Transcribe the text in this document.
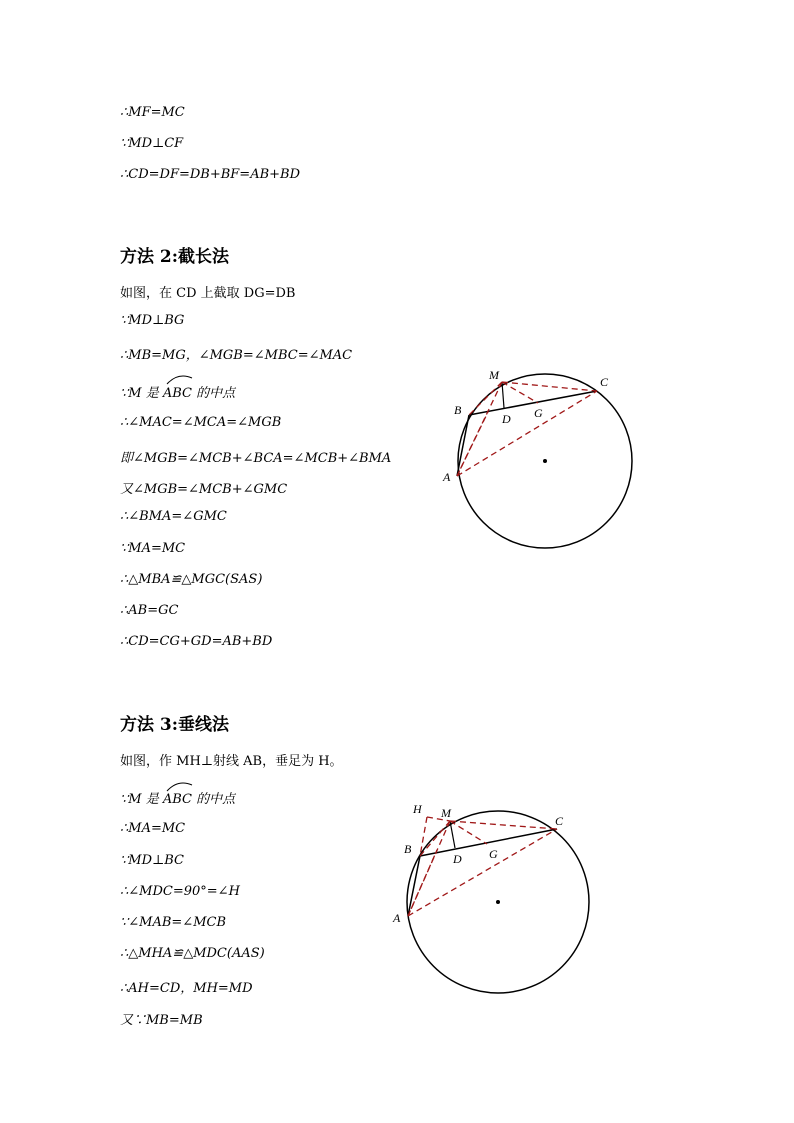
∴MF=MC
∵MD⊥CF
∴CD=DF=DB+BF=AB+BD
方法 2:截长法
如图，在 CD 上截取 DG=DB
∵MD⊥BG
∴MB=MG，∠MGB=∠MBC=∠MAC
∵M 是 ABC 的中点
∴∠MAC=∠MCA=∠MGB
即∠MGB=∠MCB+∠BCA=∠MCB+∠BMA
又∠MGB=∠MCB+∠GMC
∴∠BMA=∠GMC
∵MA=MC
∴△MBA≌△MGC(SAS)
∴AB=GC
∴CD=CG+GD=AB+BD
M	C
B
D G
A
方法 3:垂线法
如图，作 MH⊥射线 AB，垂足为 H。
∵M 是 ABC 的中点
∴MA=MC
∵MD⊥BC
∴∠MDC=90°=∠H
∵∠MAB=∠MCB
∴△MHA≌△MDC(AAS)
∴AH=CD，MH=MD
又∵MB=MB
H M
C
B
D G
A
